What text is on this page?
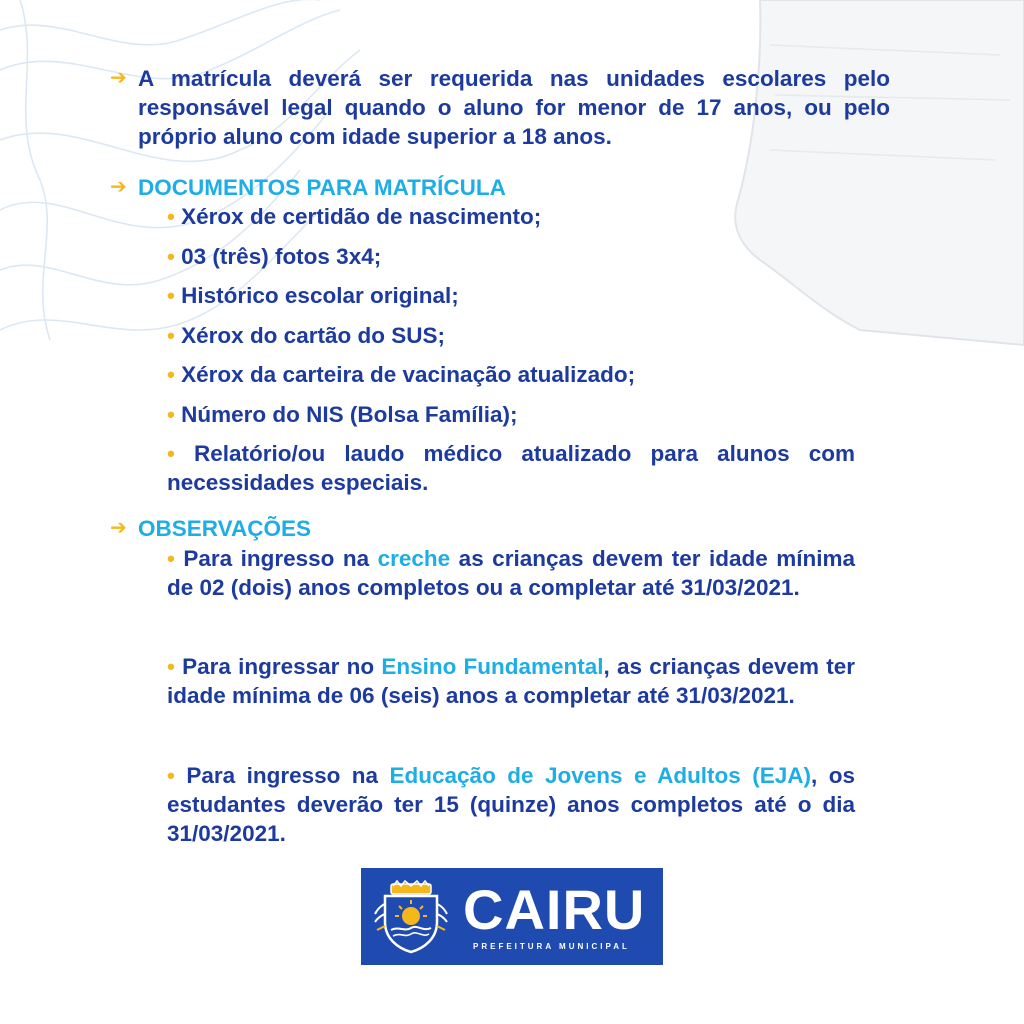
➔ A matrícula deverá ser requerida nas unidades escolares pelo responsável legal quando o aluno for menor de 17 anos, ou pelo próprio aluno com idade superior a 18 anos.
➔ DOCUMENTOS PARA MATRÍCULA
• Xérox de certidão de nascimento;
• 03 (três) fotos 3x4;
• Histórico escolar original;
• Xérox do cartão do SUS;
• Xérox da carteira de vacinação atualizado;
• Número do NIS (Bolsa Família);
• Relatório/ou laudo médico atualizado para alunos com necessidades especiais.
➔ OBSERVAÇÕES
• Para ingresso na creche as crianças devem ter idade mínima de 02 (dois) anos completos ou a completar até 31/03/2021.
• Para ingressar no Ensino Fundamental, as crianças devem ter idade mínima de 06 (seis) anos a completar até 31/03/2021.
• Para ingresso na Educação de Jovens e Adultos (EJA), os estudantes deverão ter 15 (quinze) anos completos até o dia 31/03/2021.
CAIRU
PREFEITURA MUNICIPAL
